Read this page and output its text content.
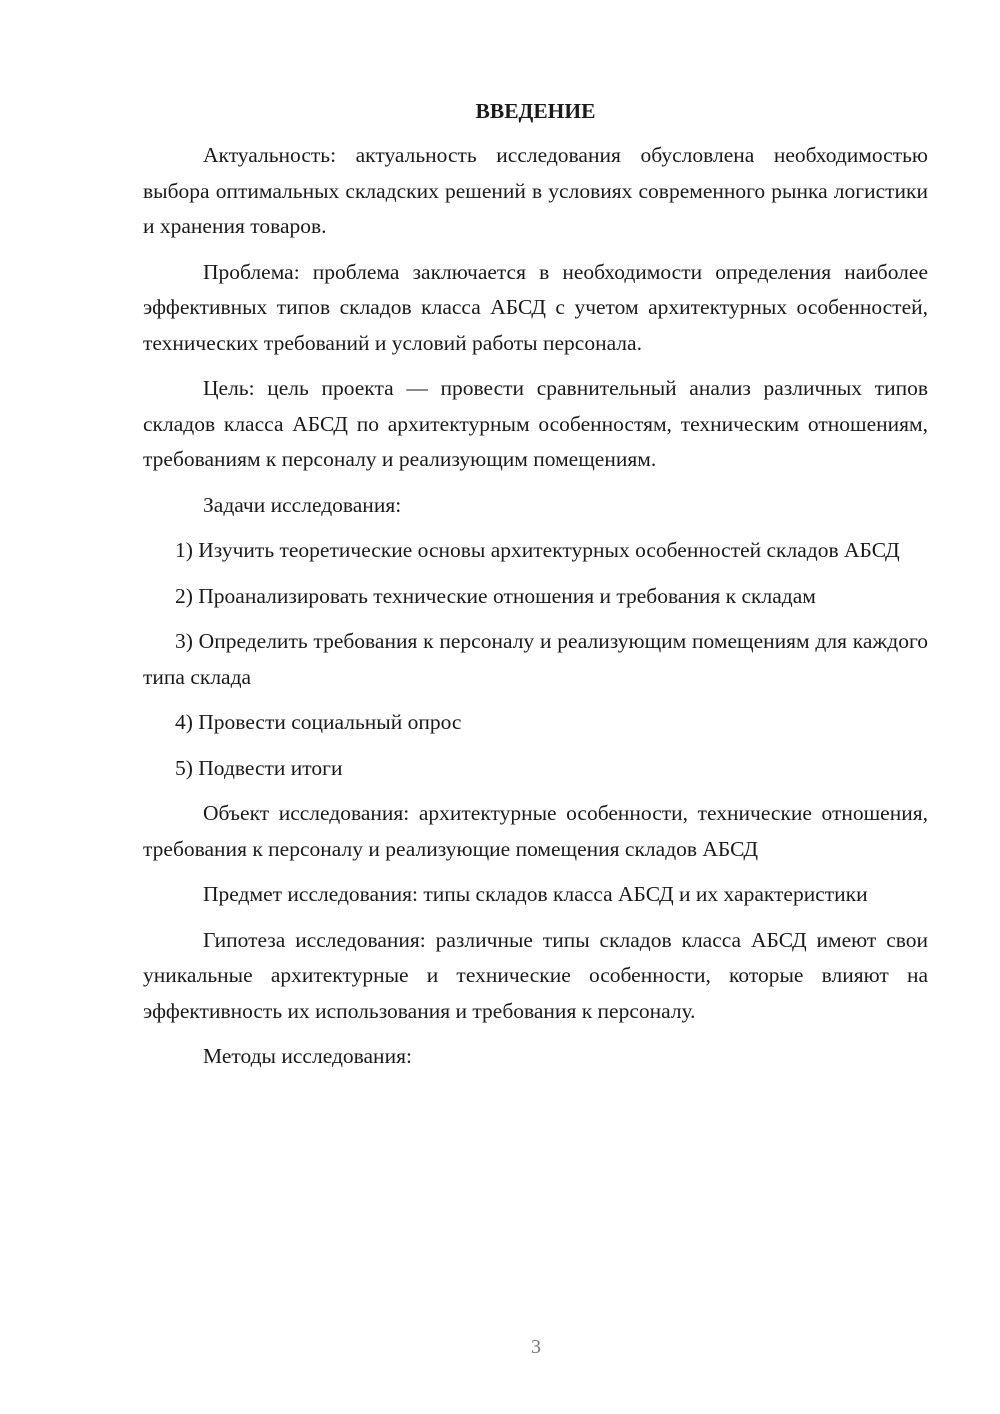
ВВЕДЕНИЕ

Актуальность: актуальность исследования обусловлена необходимостью выбора оптимальных складских решений в условиях современного рынка логистики и хранения товаров.

Проблема: проблема заключается в необходимости определения наиболее эффективных типов складов класса АБСД с учетом архитектурных особенностей, технических требований и условий работы персонала.

Цель: цель проекта — провести сравнительный анализ различных типов складов класса АБСД по архитектурным особенностям, техническим отношениям, требованиям к персоналу и реализующим помещениям.

Задачи исследования:

1) Изучить теоретические основы архитектурных особенностей складов АБСД

2) Проанализировать технические отношения и требования к складам

3) Определить требования к персоналу и реализующим помещениям для каждого типа склада

4) Провести социальный опрос

5) Подвести итоги

Объект исследования: архитектурные особенности, технические отношения, требования к персоналу и реализующие помещения складов АБСД

Предмет исследования: типы складов класса АБСД и их характеристики

Гипотеза исследования: различные типы складов класса АБСД имеют свои уникальные архитектурные и технические особенности, которые влияют на эффективность их использования и требования к персоналу.

Методы исследования:

3
